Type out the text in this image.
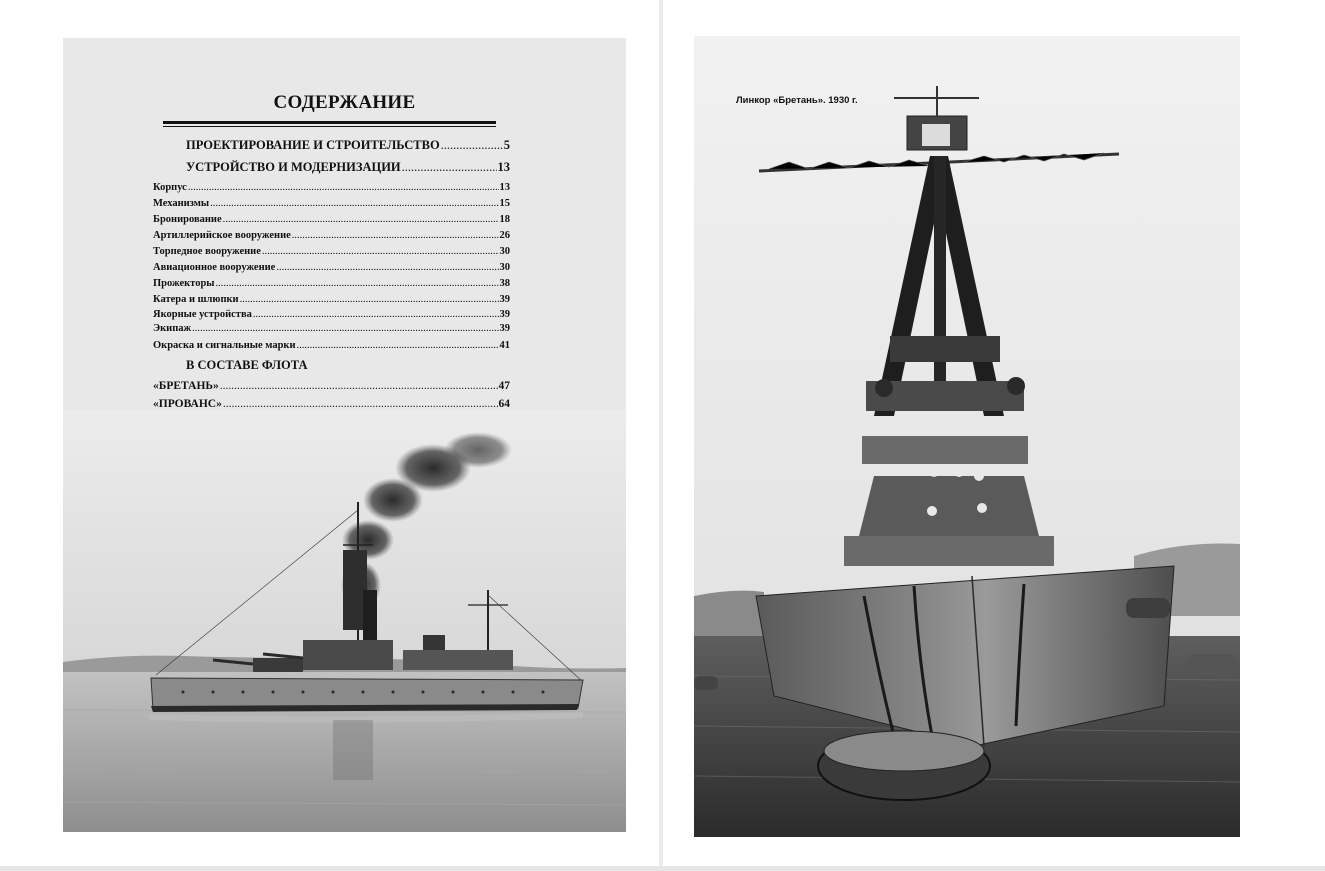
СОДЕРЖАНИЕ
ПРОЕКТИРОВАНИЕ И СТРОИТЕЛЬСТВО .....	5
УСТРОЙСТВО И МОДЕРНИЗАЦИИ .....	13
Корпус .....	13
Механизмы .....	15
Бронирование .....	18
Артиллерийское вооружение .....	26
Торпедное вооружение .....	30
Авиационное вооружение .....	30
Прожекторы .....	38
Катера и шлюпки .....	39
Якорные устройства .....	39
Экипаж .....	39
Окраска и сигнальные марки .....	41
В СОСТАВЕ ФЛОТА
«БРЕТАНЬ» .....	47
«ПРОВАНС» .....	64
.....
.....
Линкор «Бретань». 1930 г.
